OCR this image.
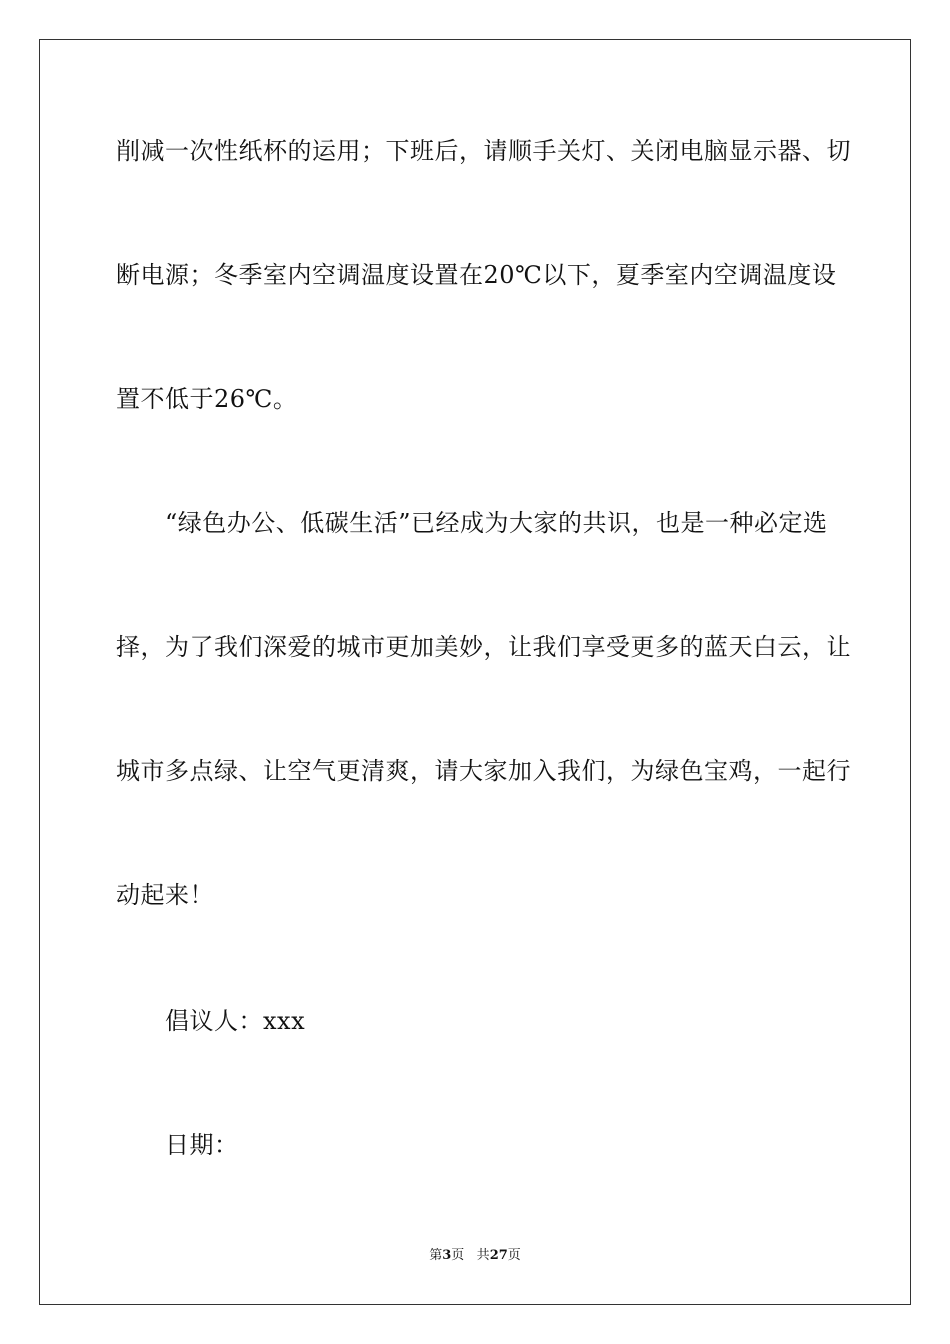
削减一次性纸杯的运用；下班后，请顺手关灯、关闭电脑显示器、切
断电源；冬季室内空调温度设置在20℃以下，夏季室内空调温度设
置不低于26℃。
“绿色办公、低碳生活”已经成为大家的共识，也是一种必定选
择，为了我们深爱的城市更加美妙，让我们享受更多的蓝天白云，让
城市多点绿、让空气更清爽，请大家加入我们，为绿色宝鸡，一起行
动起来！
倡议人：xxx
日期：
第3页 共27页
